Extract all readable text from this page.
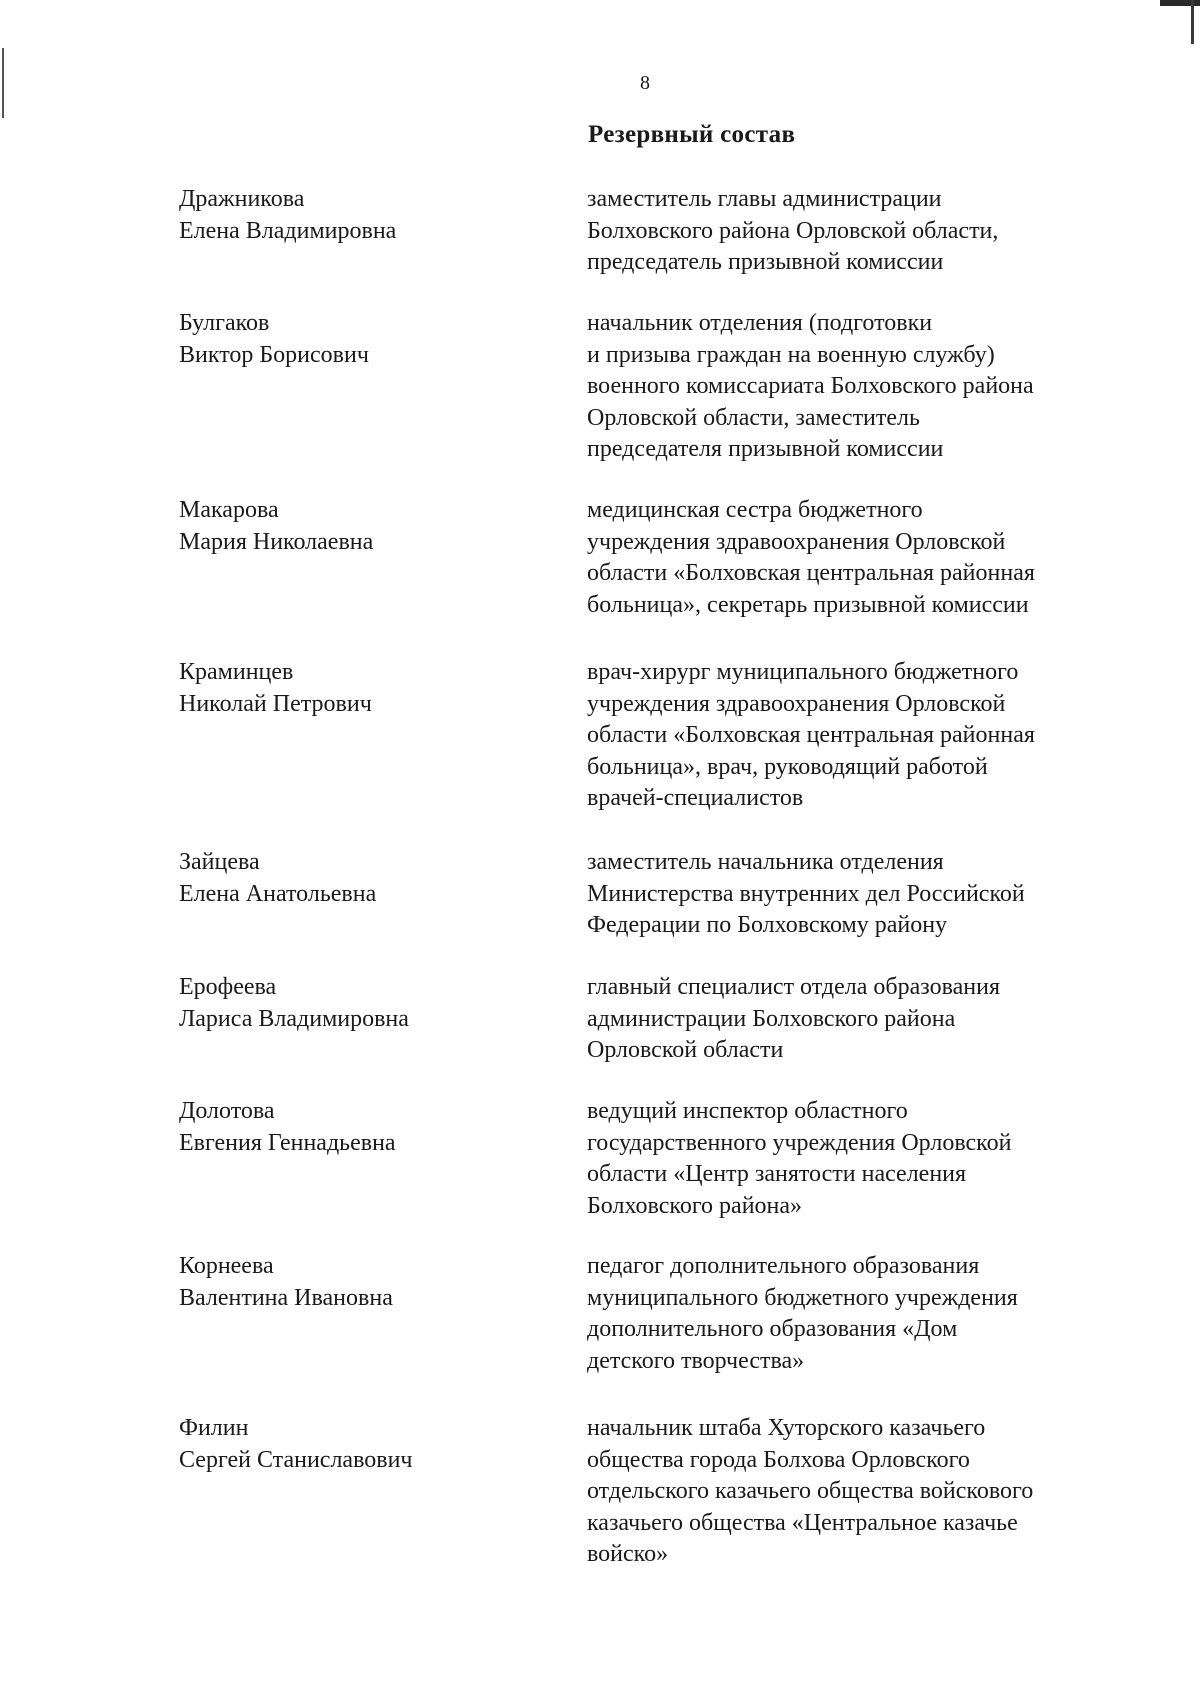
8
Резервный состав
Дражникова
Елена Владимировна
заместитель главы администрации
Болховского района Орловской области,
председатель призывной комиссии
Булгаков
Виктор Борисович
начальник отделения (подготовки
и призыва граждан на военную службу)
военного комиссариата Болховского района
Орловской области, заместитель
председателя призывной комиссии
Макарова
Мария Николаевна
медицинская сестра бюджетного
учреждения здравоохранения Орловской
области «Болховская центральная районная
больница», секретарь призывной комиссии
Краминцев
Николай Петрович
врач-хирург муниципального бюджетного
учреждения здравоохранения Орловской
области «Болховская центральная районная
больница», врач, руководящий работой
врачей-специалистов
Зайцева
Елена Анатольевна
заместитель начальника отделения
Министерства внутренних дел Российской
Федерации по Болховскому району
Ерофеева
Лариса Владимировна
главный специалист отдела образования
администрации Болховского района
Орловской области
Долотова
Евгения Геннадьевна
ведущий инспектор областного
государственного учреждения Орловской
области «Центр занятости населения
Болховского района»
Корнеева
Валентина Ивановна
педагог дополнительного образования
муниципального бюджетного учреждения
дополнительного образования «Дом
детского творчества»
Филин
Сергей Станиславович
начальник штаба Хуторского казачьего
общества города Болхова Орловского
отдельского казачьего общества войскового
казачьего общества «Центральное казачье
войско»
